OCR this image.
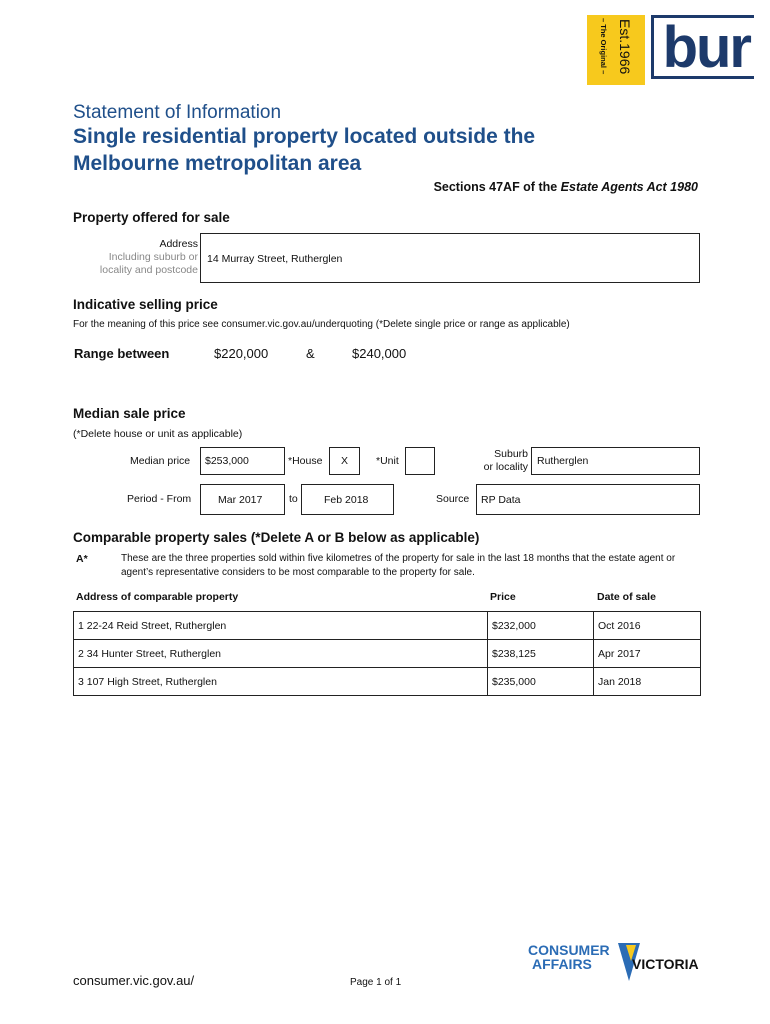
– The Original – Est.1966 bur
Statement of Information
Single residential property located outside the
Melbourne metropolitan area
Sections 47AF of the Estate Agents Act 1980
Property offered for sale
Address
Including suburb or
locality and postcode
14 Murray Street, Rutherglen
Indicative selling price
For the meaning of this price see consumer.vic.gov.au/underquoting (*Delete single price or range as applicable)
Range between	$220,000	&	$240,000
Median sale price
(*Delete house or unit as applicable)
Median price $253,000	*House X	*Unit
Suburb
or locality Rutherglen
Period - From	Mar 2017	to Feb 2018	Source RP Data
Comparable property sales (*Delete A or B below as applicable)
A*	These are the three properties sold within five kilometres of the property for sale in the last 18 months that the estate agent or agent’s representative considers to be most comparable to the property for sale.
Address of comparable property	Price	Date of sale
1 22-24 Reid Street, Rutherglen	$232,000	Oct 2016
2 34 Hunter Street, Rutherglen	$238,125	Apr 2017
3 107 High Street, Rutherglen	$235,000	Jan 2018
consumer.vic.gov.au/	Page 1 of 1
CONSUMER
AFFAIRS	VICTORIA
